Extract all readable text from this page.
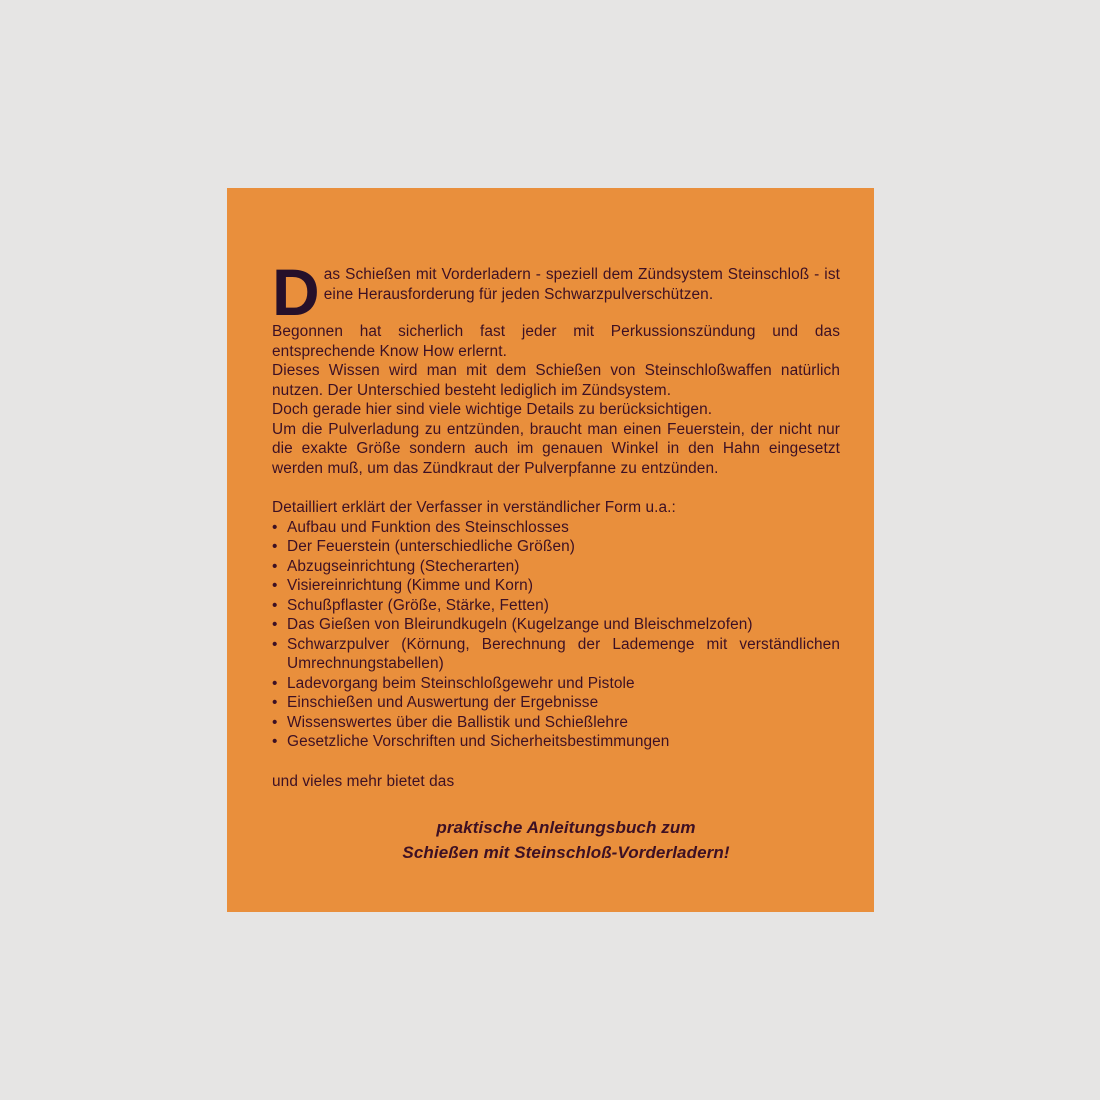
D as Schießen mit Vorderladern - speziell dem Zündsystem Steinschloß - ist eine Herausforderung für jeden Schwarzpulverschützen.

Begonnen hat sicherlich fast jeder mit Perkussionszündung und das entsprechende Know How erlernt.

Dieses Wissen wird man mit dem Schießen von Steinschloßwaffen natürlich nutzen. Der Unterschied besteht lediglich im Zündsystem.

Doch gerade hier sind viele wichtige Details zu berücksichtigen.

Um die Pulverladung zu entzünden, braucht man einen Feuerstein, der nicht nur die exakte Größe sondern auch im genauen Winkel in den Hahn eingesetzt werden muß, um das Zündkraut der Pulverpfanne zu entzünden.

Detailliert erklärt der Verfasser in verständlicher Form u.a.:

• Aufbau und Funktion des Steinschlosses
• Der Feuerstein (unterschiedliche Größen)
• Abzugseinrichtung (Stecherarten)
• Visiereinrichtung (Kimme und Korn)
• Schußpflaster (Größe, Stärke, Fetten)
• Das Gießen von Bleirundkugeln (Kugelzange und Bleischmelzofen)
• Schwarzpulver (Körnung, Berechnung der Lademenge mit verständlichen Umrechnungstabellen)
• Ladevorgang beim Steinschloßgewehr und Pistole
• Einschießen und Auswertung der Ergebnisse
• Wissenswertes über die Ballistik und Schießlehre
• Gesetzliche Vorschriften und Sicherheitsbestimmungen

und vieles mehr bietet das

praktische Anleitungsbuch zum
Schießen mit Steinschloß-Vorderladern!
